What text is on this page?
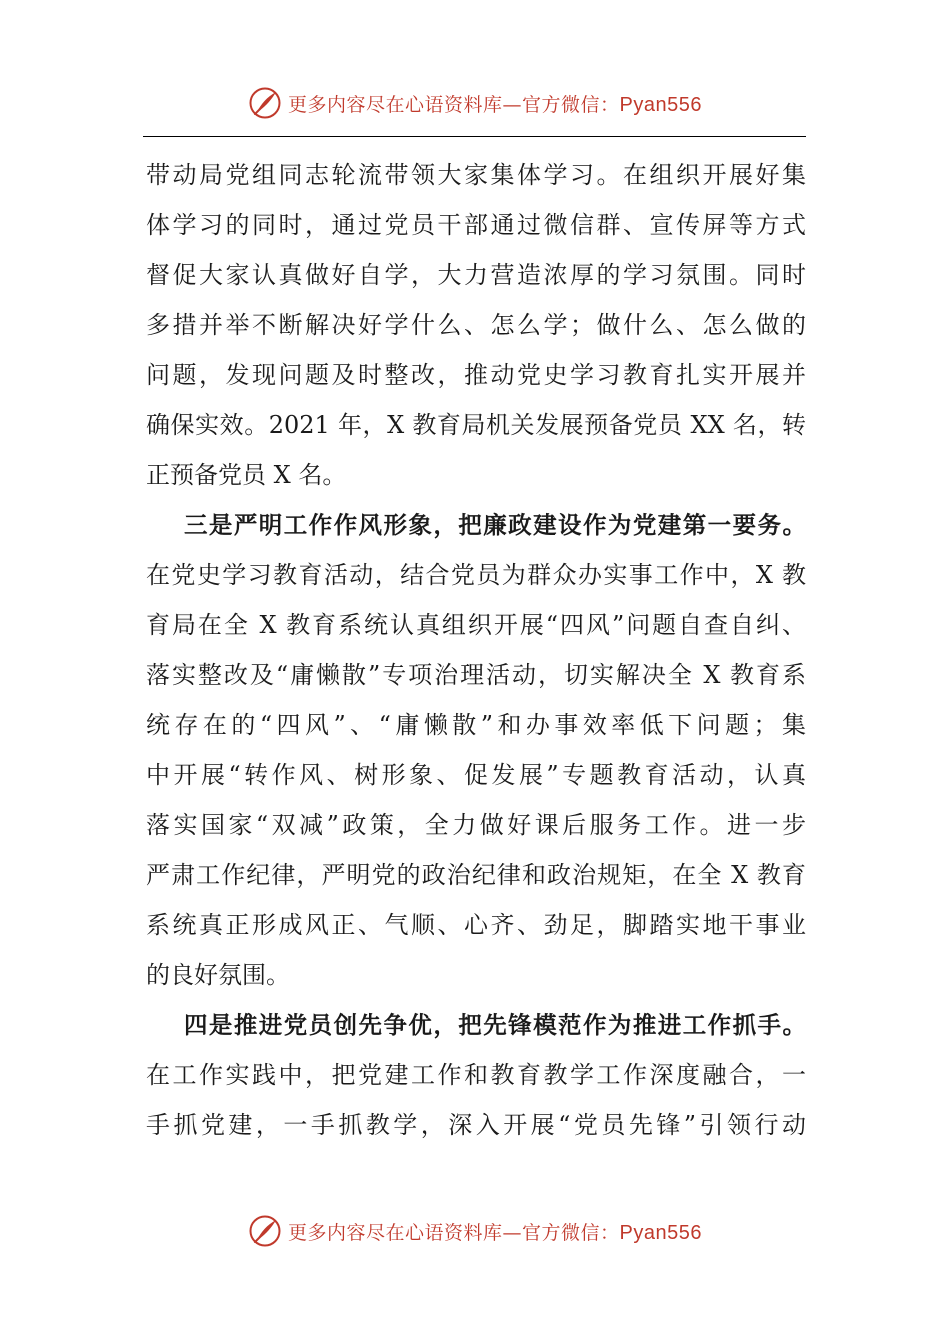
更多内容尽在心语资料库—官方微信：Pyan556
带动局党组同志轮流带领大家集体学习。在组织开展好集
体学习的同时，通过党员干部通过微信群、宣传屏等方式
督促大家认真做好自学，大力营造浓厚的学习氛围。同时
多措并举不断解决好学什么、怎么学；做什么、怎么做的
问题，发现问题及时整改，推动党史学习教育扎实开展并
确保实效。2021 年，X 教育局机关发展预备党员 XX 名，转
正预备党员 X 名。
三是严明工作作风形象，把廉政建设作为党建第一要务。
在党史学习教育活动，结合党员为群众办实事工作中，X 教
育局在全 X 教育系统认真组织开展“四风”问题自查自纠、
落实整改及“庸懒散”专项治理活动，切实解决全 X 教育系
统存在的“四风”、“庸懒散”和办事效率低下问题；集
中开展“转作风、树形象、促发展”专题教育活动，认真
落实国家“双减”政策，全力做好课后服务工作。进一步
严肃工作纪律，严明党的政治纪律和政治规矩，在全 X 教育
系统真正形成风正、气顺、心齐、劲足，脚踏实地干事业
的良好氛围。
四是推进党员创先争优，把先锋模范作为推进工作抓手。
在工作实践中，把党建工作和教育教学工作深度融合，一
手抓党建，一手抓教学，深入开展“党员先锋”引领行动
更多内容尽在心语资料库—官方微信：Pyan556
